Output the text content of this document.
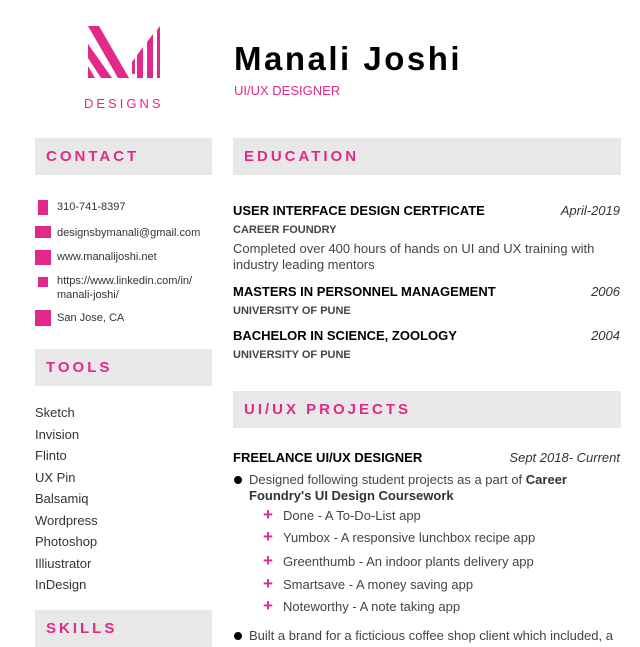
DESIGNS
Manali Joshi
UI/UX DESIGNER
CONTACT
310-741-8397
designsbymanali@gmail.com
www.manalijoshi.net
https://www.linkedin.com/in/
manali-joshi/
San Jose, CA
TOOLS
Sketch
Invision
Flinto
UX Pin
Balsamiq
Wordpress
Photoshop
Illiustrator
InDesign
SKILLS
EDUCATION
USER INTERFACE DESIGN CERTFICATE	April-2019
CAREER FOUNDRY
Completed over 400 hours of hands on UI and UX training with industry leading mentors
MASTERS IN PERSONNEL MANAGEMENT	2006
UNIVERSITY OF PUNE
BACHELOR IN SCIENCE, ZOOLOGY	2004
UNIVERSITY OF PUNE
UI/UX PROJECTS
FREELANCE UI/UX DESIGNER	Sept 2018- Current
Designed following student projects as a part of Career Foundry's UI Design Coursework
+ Done - A To-Do-List app
+ Yumbox - A responsive lunchbox recipe app
+ Greenthumb - An indoor plants delivery app
+ Smartsave - A money saving app
+ Noteworthy - A note taking app
Built a brand for a ficticious coffee shop client which included, a
